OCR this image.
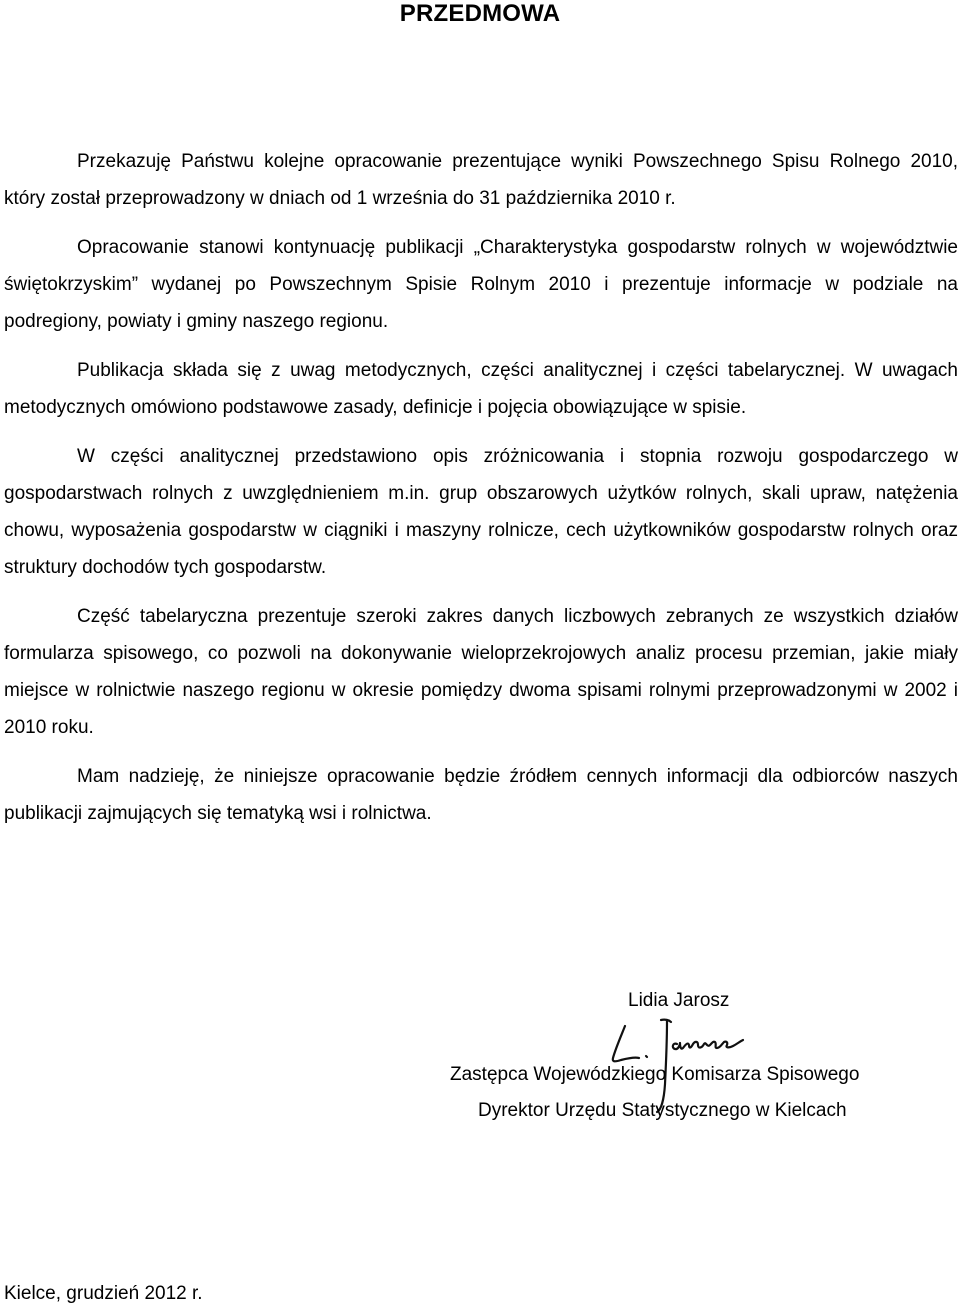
PRZEDMOWA

Przekazuję Państwu kolejne opracowanie prezentujące wyniki Powszechnego Spisu Rolnego 2010, który został przeprowadzony w dniach od 1 września do 31 października 2010 r.

Opracowanie stanowi kontynuację publikacji „Charakterystyka gospodarstw rolnych w województwie świętokrzyskim” wydanej po Powszechnym Spisie Rolnym 2010 i prezentuje informacje w podziale na podregiony, powiaty i gminy naszego regionu.

Publikacja składa się z uwag metodycznych, części analitycznej i części tabelarycznej. W uwagach metodycznych omówiono podstawowe zasady, definicje i pojęcia obowiązujące w spisie.

W części analitycznej przedstawiono opis zróżnicowania i stopnia rozwoju gospodarczego w gospodarstwach rolnych z uwzględnieniem m.in. grup obszarowych użytków rolnych, skali upraw, natężenia chowu, wyposażenia gospodarstw w ciągniki i maszyny rolnicze, cech użytkowników gospodarstw rolnych oraz struktury dochodów tych gospodarstw.

Część tabelaryczna prezentuje szeroki zakres danych liczbowych zebranych ze wszystkich działów formularza spisowego, co pozwoli na dokonywanie wieloprzekrojowych analiz procesu przemian, jakie miały miejsce w rolnictwie naszego regionu w okresie pomiędzy dwoma spisami rolnymi przeprowadzonymi w 2002 i 2010 roku.

Mam nadzieję, że niniejsze opracowanie będzie źródłem cennych informacji dla odbiorców naszych publikacji zajmujących się tematyką wsi i rolnictwa.

Lidia Jarosz
Zastępca Wojewódzkiego Komisarza Spisowego
Dyrektor Urzędu Statystycznego w Kielcach
Kielce, grudzień 2012 r.
